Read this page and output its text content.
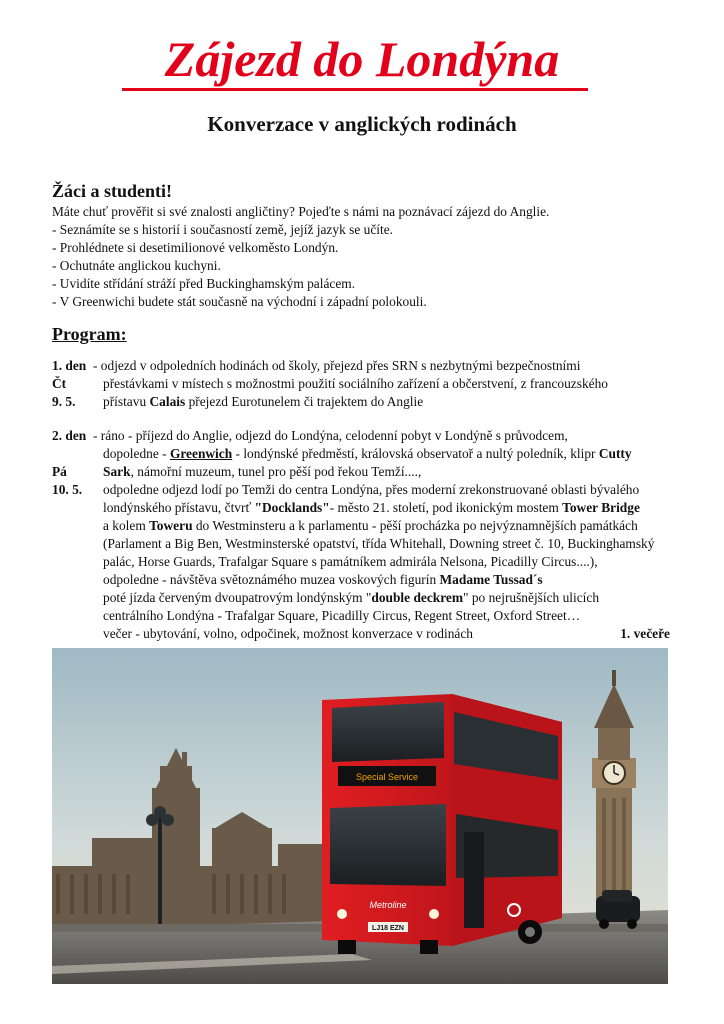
Zájezd do Londýna
Konverzace v anglických rodinách
Žáci a studenti!
Máte chuť prověřit si své znalosti angličtiny? Pojeďte s námi na poznávací zájezd do Anglie.
- Seznámíte se s historií i současností země, jejíž jazyk se učíte.
- Prohlédnete si desetimilionové velkoměsto Londýn.
- Ochutnáte anglickou kuchyni.
- Uvidíte střídání stráží před Buckinghamským palácem.
- V Greenwichi budete stát současně na východní i západní polokouli.
Program:
1. den - odjezd v odpoledních hodinách od školy, přejezd přes SRN s nezbytnými bezpečnostními
Čt	přestávkami v místech s možnostmi použití sociálního zařízení a občerstvení, z francouzského
9. 5. přístavu Calais přejezd Eurotunelem či trajektem do Anglie
2. den - ráno - příjezd do Anglie, odjezd do Londýna, celodenní pobyt v Londýně s průvodcem,
dopoledne - Greenwich - londýnské předměstí, královská observatoř a nultý poledník, klipr Cutty
Pá	Sark, námořní muzeum, tunel pro pěší pod řekou Temží....,
10. 5. odpoledne odjezd lodí po Temži do centra Londýna, přes moderní zrekonstruované oblasti bývalého
londýnského přístavu, čtvrť "Docklands"- město 21. století, pod ikonickým mostem Tower Bridge
a kolem Toweru do Westminsteru a k parlamentu - pěší procházka po nejvýznamnějších památkách
(Parlament a Big Ben, Westminsterské opatství, třída Whitehall, Downing street č. 10, Buckinghamský
palác, Horse Guards, Trafalgar Square s památníkem admirála Nelsona, Picadilly Circus....),
odpoledne - návštěva světoznámého muzea voskových figurín Madame Tussad´s
poté jízda červeným dvoupatrovým londýnským "double deckrem" po nejrušnějších ulicích
centrálního Londýna - Trafalgar Square, Picadilly Circus, Regent Street, Oxford Street…
večer - ubytování, volno, odpočinek, možnost konverzace v rodinách	1. večeře
Special Service
Metroline
LJ18 EZN
